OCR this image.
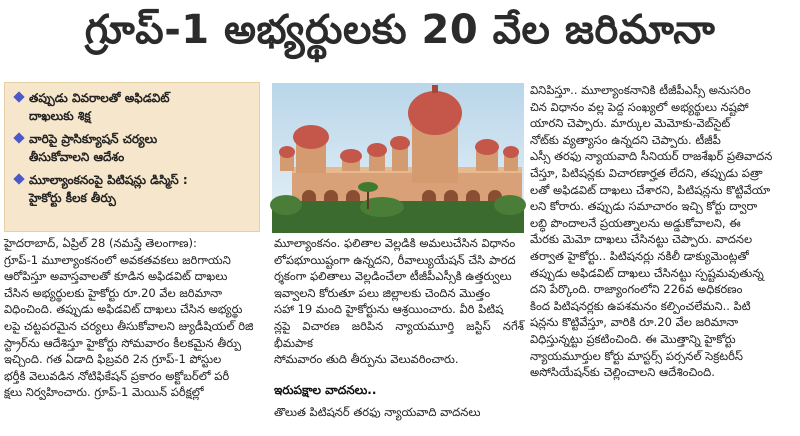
గ్రూప్-1 అభ్యర్థులకు 20 వేల జరిమానా
తప్పుడు వివరాలతో అఫిడవిట్
దాఖలుకు శిక్ష
వారిపై ప్రాసిక్యూషన్ చర్యలు
తీసుకోవాలని ఆదేశం
మూల్యాంకనంపై పిటిషన్లు డిస్మిస్ :
హైకోర్టు కీలక తీర్పు
హైదరాబాద్, ఏప్రిల్ 28 (నమస్తే తెలంగాణ):
గ్రూప్-1 మూల్యాంకనంలో అవకతవకలు జరిగాయని
ఆరోపిస్తూ అవాస్తవాలతో కూడిన అఫిడవిట్ దాఖలు
చేసిన అభ్యర్థులకు హైకోర్టు రూ.20 వేల జరిమానా
విధించింది. తప్పుడు అఫిడవిట్ దాఖలు చేసిన అభ్యర్థు
లపై చట్టపరమైన చర్యలు తీసుకోవాలని జ్యుడీషియల్ రిజి
స్ట్రార్‌ను ఆదేశిస్తూ హైకోర్టు సోమవారం కీలకమైన తీర్పు
ఇచ్చింది. గత ఏడాది ఫిబ్రవరి 2న గ్రూప్-1 పోస్టుల
భర్తీకి వెలువడిన నోటిఫికేషన్ ప్రకారం అక్టోబర్‌లో పరీ
క్షలు నిర్వహించారు. గ్రూప్-1 మెయిన్ పరీక్షల్లో
మూల్యాంకనం. ఫలితాల వెల్లడికి అమలుచేసిన విధానం
లోపభూయిష్టంగా ఉన్నదని, రీవాల్యుయేషన్ చేసి పారద
ర్శకంగా ఫలితాలు వెల్లడించేలా టీజీపీఎస్సీకి ఉత్తర్వులు
ఇవ్వాలని కోరుతూ పలు జిల్లాలకు చెందిన మొత్తం
సహా 19 మంది హైకోర్టును ఆశ్రయించారు. వీరి పిటిష
న్లపై విచారణ జరిపిన న్యాయమూర్తి జస్టిస్ నగేశ్ భీమపాక
సోమవారం తుది తీర్పును వెలువరించారు.
ఇరుపక్షాల వాదనలు..
తొలుత పిటిషనర్ తరఫు న్యాయవాది వాదనలు
వినిపిస్తూ.. మూల్యాంకనానికి టీజీపీఎస్సీ అనుసరిం
చిన విధానం వల్ల పెద్ద సంఖ్యలో అభ్యర్థులు నష్టపో
యారని చెప్పారు. మార్కుల మెమోకు-వెబ్‌సైట్
నోట్‌కు వ్యత్యాసం ఉన్నదని చెప్పారు. టీజీపీ
ఎస్సీ తరఫు న్యాయవాది సీనియర్ రాజశేఖర్ ప్రతివాదన
చేస్తూ, పిటిషన్లకు విచారణార్హత లేదని, తప్పుడు పత్రా
లతో అఫిడవిట్ దాఖలు చేశారని, పిటిషన్లను కొట్టివేయా
లని కోరారు. తప్పుడు సమాచారం ఇచ్చి కోర్టు ద్వారా
లబ్ధి పొందాలనే ప్రయత్నాలను అడ్డుకోవాలని, ఈ
మేరకు మెమో దాఖలు చేసినట్టు చెప్పారు. వాదనల
తర్వాత హైకోర్టు.. పిటిషనర్లు నకిలీ డాక్యుమెంట్లతో
తప్పుడు అఫిడవిట్ దాఖలు చేసినట్టు స్పష్టమవుతున్న
దని పేర్కొంది. రాజ్యాంగంలోని 226వ అధికరణం
కింద పిటిషనర్లకు ఉపశమనం కల్పించలేమని.. పిటి
షన్లను కొట్టివేస్తూ, వారికి రూ.20 వేల జరిమానా
విధిస్తున్నట్టు ప్రకటించింది. ఈ మొత్తాన్ని హైకోర్టు
న్యాయమూర్తుల కోర్టు మాస్టర్స్ పర్సనల్ సెక్రటరీస్
అసోసియేషన్‌కు చెల్లించాలని ఆదేశించింది.
